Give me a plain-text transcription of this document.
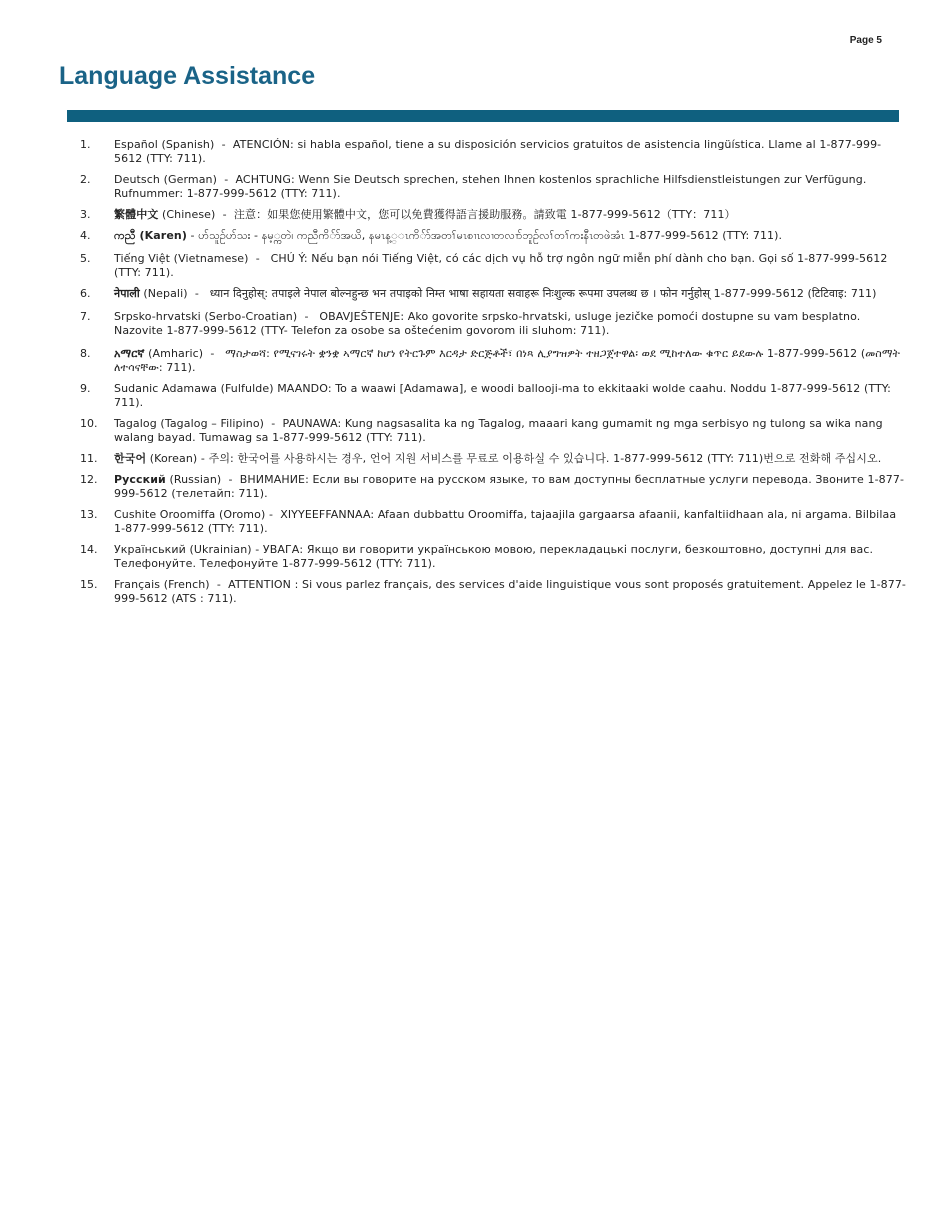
Page 5
Language Assistance
1.	Español (Spanish)  -  ATENCIÓN: si habla español, tiene a su disposición servicios gratuitos de asistencia lingüística. Llame al 1-877-999-5612 (TTY: 711).
2.	Deutsch (German)  -  ACHTUNG: Wenn Sie Deutsch sprechen, stehen Ihnen kostenlos sprachliche Hilfsdienstleistungen zur Verfügung. Rufnummer: 1-877-999-5612 (TTY: 711).
3.	繁體中文 (Chinese)  -  注意：如果您使用繁體中文，您可以免費獲得語言援助服務。請致電 1-877-999-5612（TTY：711）
4.	ကညီ (Karen) - ဟ်သူဉ်ဟ်သး - နမ့္ကတဲ၊ ကညီကိ်ာ်အယိ, နမၤန့္ၤကိ်ာ်အတၢ်မၤစၢၤလၢတလၢာ်ဘူဉ်လၢ်တၢ်ကးနီၤတဖဲအံၤ 1-877-999-5612 (TTY: 711).
5.	Tiếng Việt (Vietnamese)  -   CHÚ Ý: Nếu bạn nói Tiếng Việt, có các dịch vụ hỗ trợ ngôn ngữ miễn phí dành cho bạn. Gọi số 1-877-999-5612 (TTY: 711).
6.	नेपाली (Nepali)  -   ध्यान दिनुहोस्: तपाइले नेपाल बोल्नहुन्छ भन तपाइको निम्त भाषा सहायता सवाहरू निःशुल्क रूपमा उपलब्ध छ । फोन गर्नुहोस् 1-877-999-5612 (टिटिवाइ: 711)
7.	Srpsko-hrvatski (Serbo-Croatian)  -   OBAVJEŠTENJE: Ako govorite srpsko-hrvatski, usluge jezičke pomoći dostupne su vam besplatno. Nazovite 1-877-999-5612 (TTY- Telefon za osobe sa oštećenim govorom ili sluhom: 711).
8.	አማርኛ (Amharic)  -   ማስታወሻ: የሚናገሩት ቋንቋ ኣማርኛ ከሆነ የትርጉም እርዳታ ድርጅቶች፣ በነጻ ሊያግዝዎት ተዘጋጀተዋል፡ ወደ ሚከተለው ቁጥር ይደውሉ 1-877-999-5612 (መስማት ለተሳናቸው: 711).
9.	Sudanic Adamawa (Fulfulde) MAANDO: To a waawi [Adamawa], e woodi ballooji-ma to ekkitaaki wolde caahu. Noddu 1-877-999-5612 (TTY: 711).
10.	Tagalog (Tagalog – Filipino)  -  PAUNAWA: Kung nagsasalita ka ng Tagalog, maaari kang gumamit ng mga serbisyo ng tulong sa wika nang walang bayad. Tumawag sa 1-877-999-5612 (TTY: 711).
11.	한국어 (Korean) - 주의: 한국어를 사용하시는 경우, 언어 지원 서비스를 무료로 이용하실 수 있습니다. 1-877-999-5612 (TTY: 711)번으로 전화해 주십시오.
12.	Русский (Russian)  -  ВНИМАНИЕ: Если вы говорите на русском языке, то вам доступны бесплатные услуги перевода. Звоните 1-877-999-5612 (телетайп: 711).
13.	Cushite Oroomiffa (Oromo) -  XIYYEEFFANNAA: Afaan dubbattu Oroomiffa, tajaajila gargaarsa afaanii, kanfaltiidhaan ala, ni argama. Bilbilaa 1-877-999-5612 (TTY: 711).
14.	Український (Ukrainian) - УВАГА: Якщо ви говорити українською мовою, перекладацькі послуги, безкоштовно, доступні для вас. Телефонуйте. Телефонуйте 1-877-999-5612 (TTY: 711).
15.	Français (French)  -  ATTENTION : Si vous parlez français, des services d'aide linguistique vous sont proposés gratuitement. Appelez le 1-877-999-5612 (ATS : 711).
